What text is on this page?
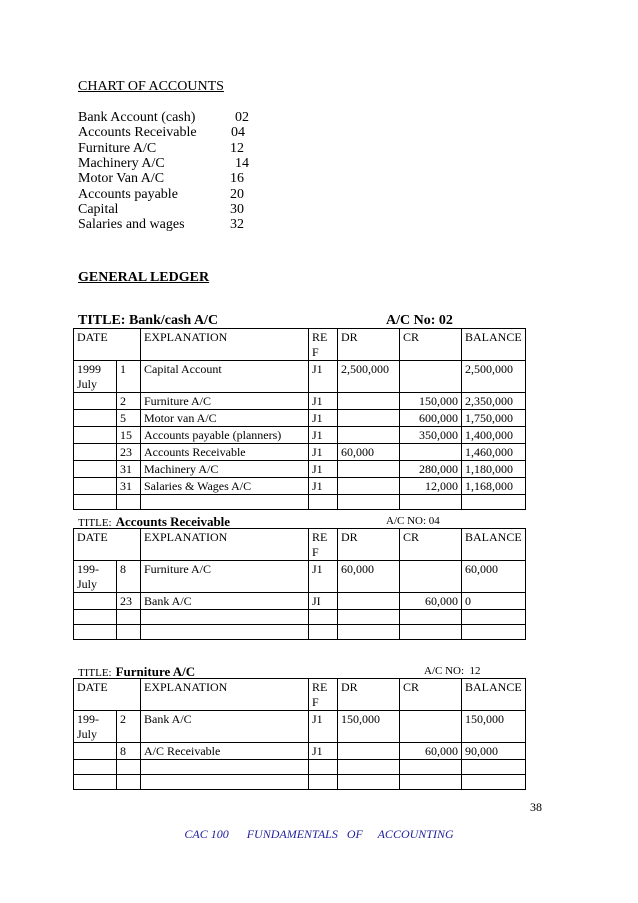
CHART OF ACCOUNTS
Bank Account (cash)	02
Accounts Receivable 04
Furniture A/C	12
Machinery A/C	14
Motor Van A/C	16
Accounts payable	20
Capital	30
Salaries and wages	32
GENERAL LEDGER
TITLE: Bank/cash A/C	A/C No: 02
DATE		EXPLANATION	RE F	DR	CR	BALANCE
1999 July	1	Capital Account	J1	2,500,000		2,500,000
	2	Furniture A/C	J1		150,000	2,350,000
	5	Motor van A/C	J1		600,000	1,750,000
	15	Accounts payable (planners)	J1		350,000	1,400,000
	23	Accounts Receivable	J1	60,000		1,460,000
	31	Machinery A/C	J1		280,000	1,180,000
	31	Salaries & Wages A/C	J1		12,000	1,168,000

TITLE: Accounts Receivable	A/C NO: 04
DATE		EXPLANATION	RE F	DR	CR	BALANCE
199- July	8	Furniture A/C	J1	60,000		60,000
	23	Bank A/C	JI		60,000	0

TITLE: Furniture A/C	A/C NO:  12
DATE		EXPLANATION	RE F	DR	CR	BALANCE
199- July	2	Bank A/C	J1	150,000		150,000
	8	A/C Receivable	J1		60,000	90,000

38
CAC 100      FUNDAMENTALS   OF     ACCOUNTING
